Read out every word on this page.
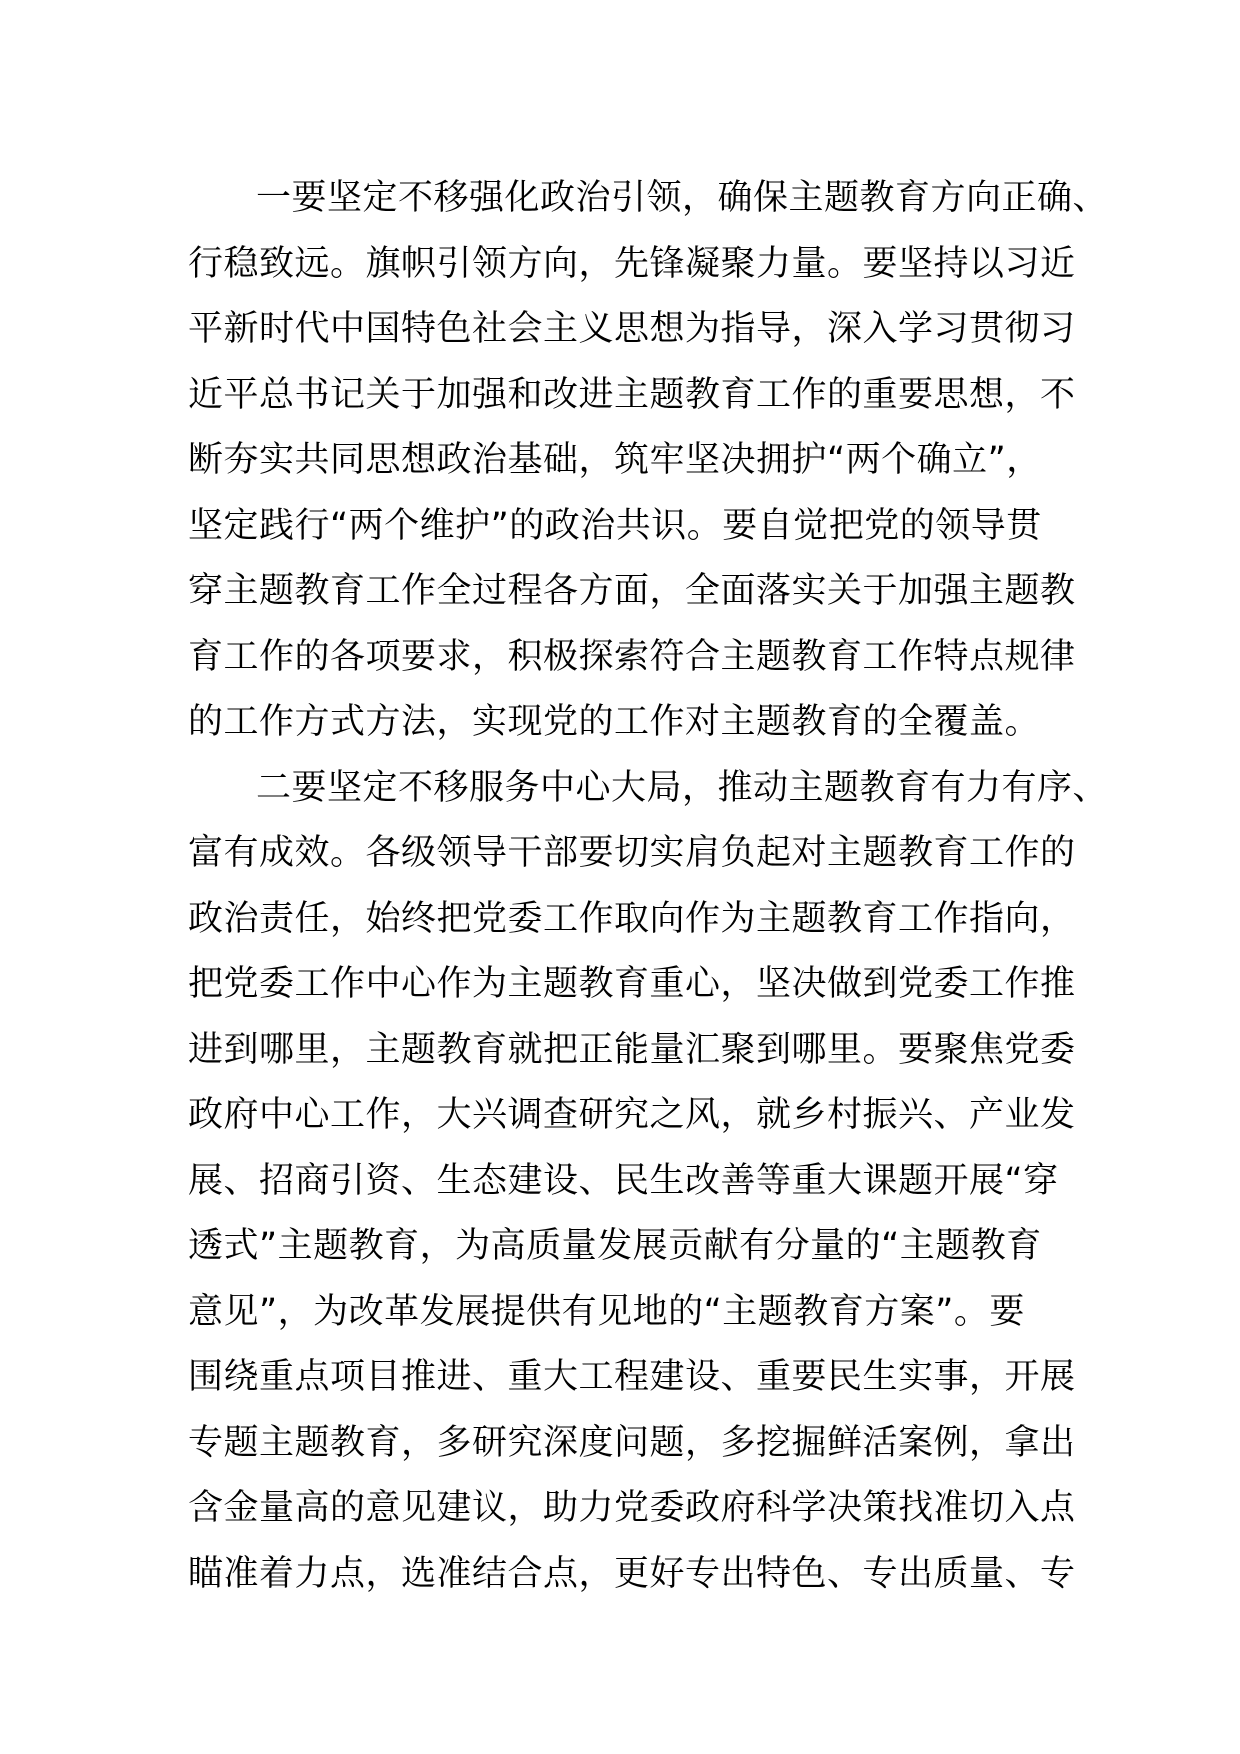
一要坚定不移强化政治引领，确保主题教育方向正确、
行稳致远。旗帜引领方向，先锋凝聚力量。要坚持以习近
平新时代中国特色社会主义思想为指导，深入学习贯彻习
近平总书记关于加强和改进主题教育工作的重要思想，不
断夯实共同思想政治基础，筑牢坚决拥护“两个确立”，
坚定践行“两个维护”的政治共识。要自觉把党的领导贯
穿主题教育工作全过程各方面，全面落实关于加强主题教
育工作的各项要求，积极探索符合主题教育工作特点规律
的工作方式方法，实现党的工作对主题教育的全覆盖。
二要坚定不移服务中心大局，推动主题教育有力有序、
富有成效。各级领导干部要切实肩负起对主题教育工作的
政治责任，始终把党委工作取向作为主题教育工作指向，
把党委工作中心作为主题教育重心，坚决做到党委工作推
进到哪里，主题教育就把正能量汇聚到哪里。要聚焦党委
政府中心工作，大兴调查研究之风，就乡村振兴、产业发
展、招商引资、生态建设、民生改善等重大课题开展“穿
透式”主题教育，为高质量发展贡献有分量的“主题教育
意见”，为改革发展提供有见地的“主题教育方案”。要
围绕重点项目推进、重大工程建设、重要民生实事，开展
专题主题教育，多研究深度问题，多挖掘鲜活案例，拿出
含金量高的意见建议，助力党委政府科学决策找准切入点
瞄准着力点，选准结合点，更好专出特色、专出质量、专
